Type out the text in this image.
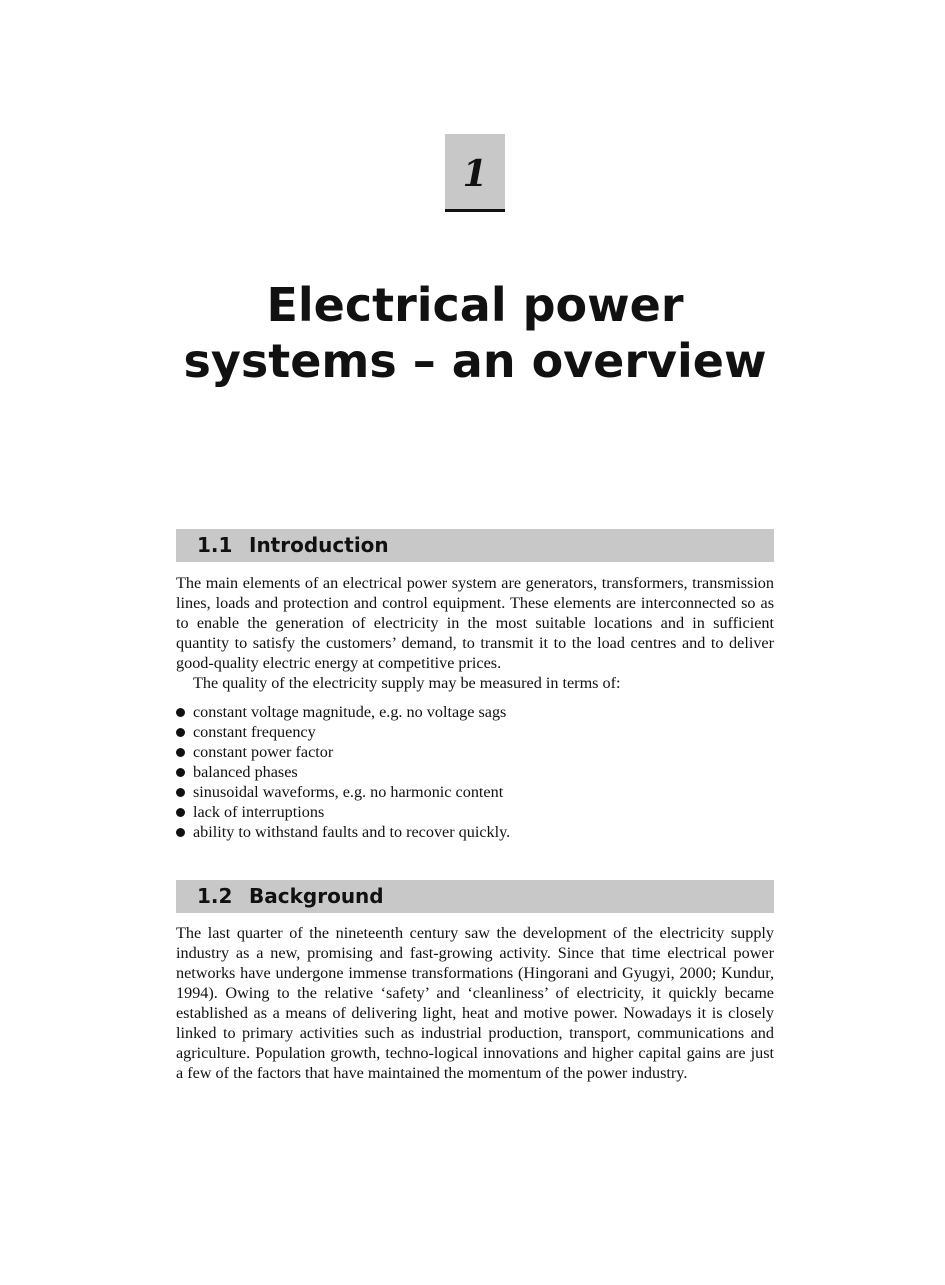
1
Electrical power
systems – an overview
1.1 Introduction

The main elements of an electrical power system are generators, transformers, transmission lines, loads and protection and control equipment. These elements are interconnected so as to enable the generation of electricity in the most suitable locations and in sufficient quantity to satisfy the customers’ demand, to transmit it to the load centres and to deliver good-quality electric energy at competitive prices.

The quality of the electricity supply may be measured in terms of:

constant voltage magnitude, e.g. no voltage sags
constant frequency
constant power factor
balanced phases
sinusoidal waveforms, e.g. no harmonic content
lack of interruptions
ability to withstand faults and to recover quickly.
1.2 Background

The last quarter of the nineteenth century saw the development of the electricity supply industry as a new, promising and fast-growing activity. Since that time electrical power networks have undergone immense transformations (Hingorani and Gyugyi, 2000; Kundur, 1994). Owing to the relative ‘safety’ and ‘cleanliness’ of electricity, it quickly became established as a means of delivering light, heat and motive power. Nowadays it is closely linked to primary activities such as industrial production, transport, communications and agriculture. Population growth, techno-logical innovations and higher capital gains are just a few of the factors that have maintained the momentum of the power industry.
